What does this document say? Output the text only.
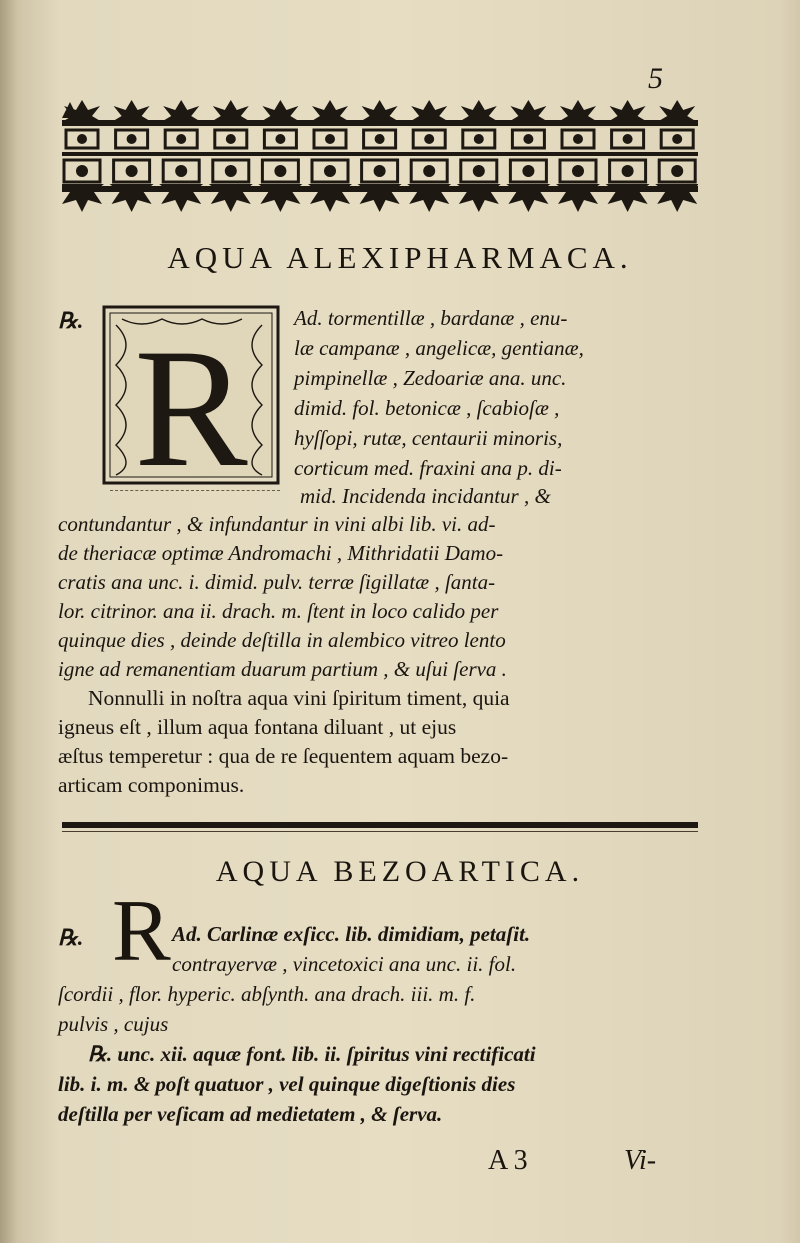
5
AQUA ALEXIPHARMACA.
℞. R Ad. tormentillæ , bardanæ , enu-
læ campanæ , angelicæ, gentianæ,
pimpinellæ , Zedoariæ ana. unc.
dimid. fol. betonicæ , ſcabioſæ ,
hyſſopi, rutæ, centaurii minoris,
corticum med. fraxini ana p. di-
mid. Incidenda incidantur , &
contundantur , & infundantur in vini albi lib. vi. ad-
de theriacæ optimæ Andromachi , Mithridatii Damo-
cratis ana unc. i. dimid. pulv. terræ ſigillatæ , ſanta-
lor. citrinor. ana ii. drach. m. ſtent in loco calido per
quinque dies , deinde deſtilla in alembico vitreo lento
igne ad remanentiam duarum partium , & uſui ſerva .
Nonnulli in noſtra aqua vini ſpiritum timent, quia
igneus eſt , illum aqua fontana diluant , ut ejus
æſtus temperetur : qua de re ſequentem aquam bezo-
articam componimus.
AQUA BEZOARTICA.
℞. R Ad. Carlinæ exſicc. lib. dimidiam, petaſit.
contrayervæ , vincetoxici ana unc. ii. fol.
ſcordii , flor. hyperic. abſynth. ana drach. iii. m. f.
pulvis , cujus
℞. unc. xii. aquæ font. lib. ii. ſpiritus vini rectificati
lib. i. m. & poſt quatuor , vel quinque digeſtionis dies
deſtilla per veſicam ad medietatem , & ſerva.
A 3	Vi-
